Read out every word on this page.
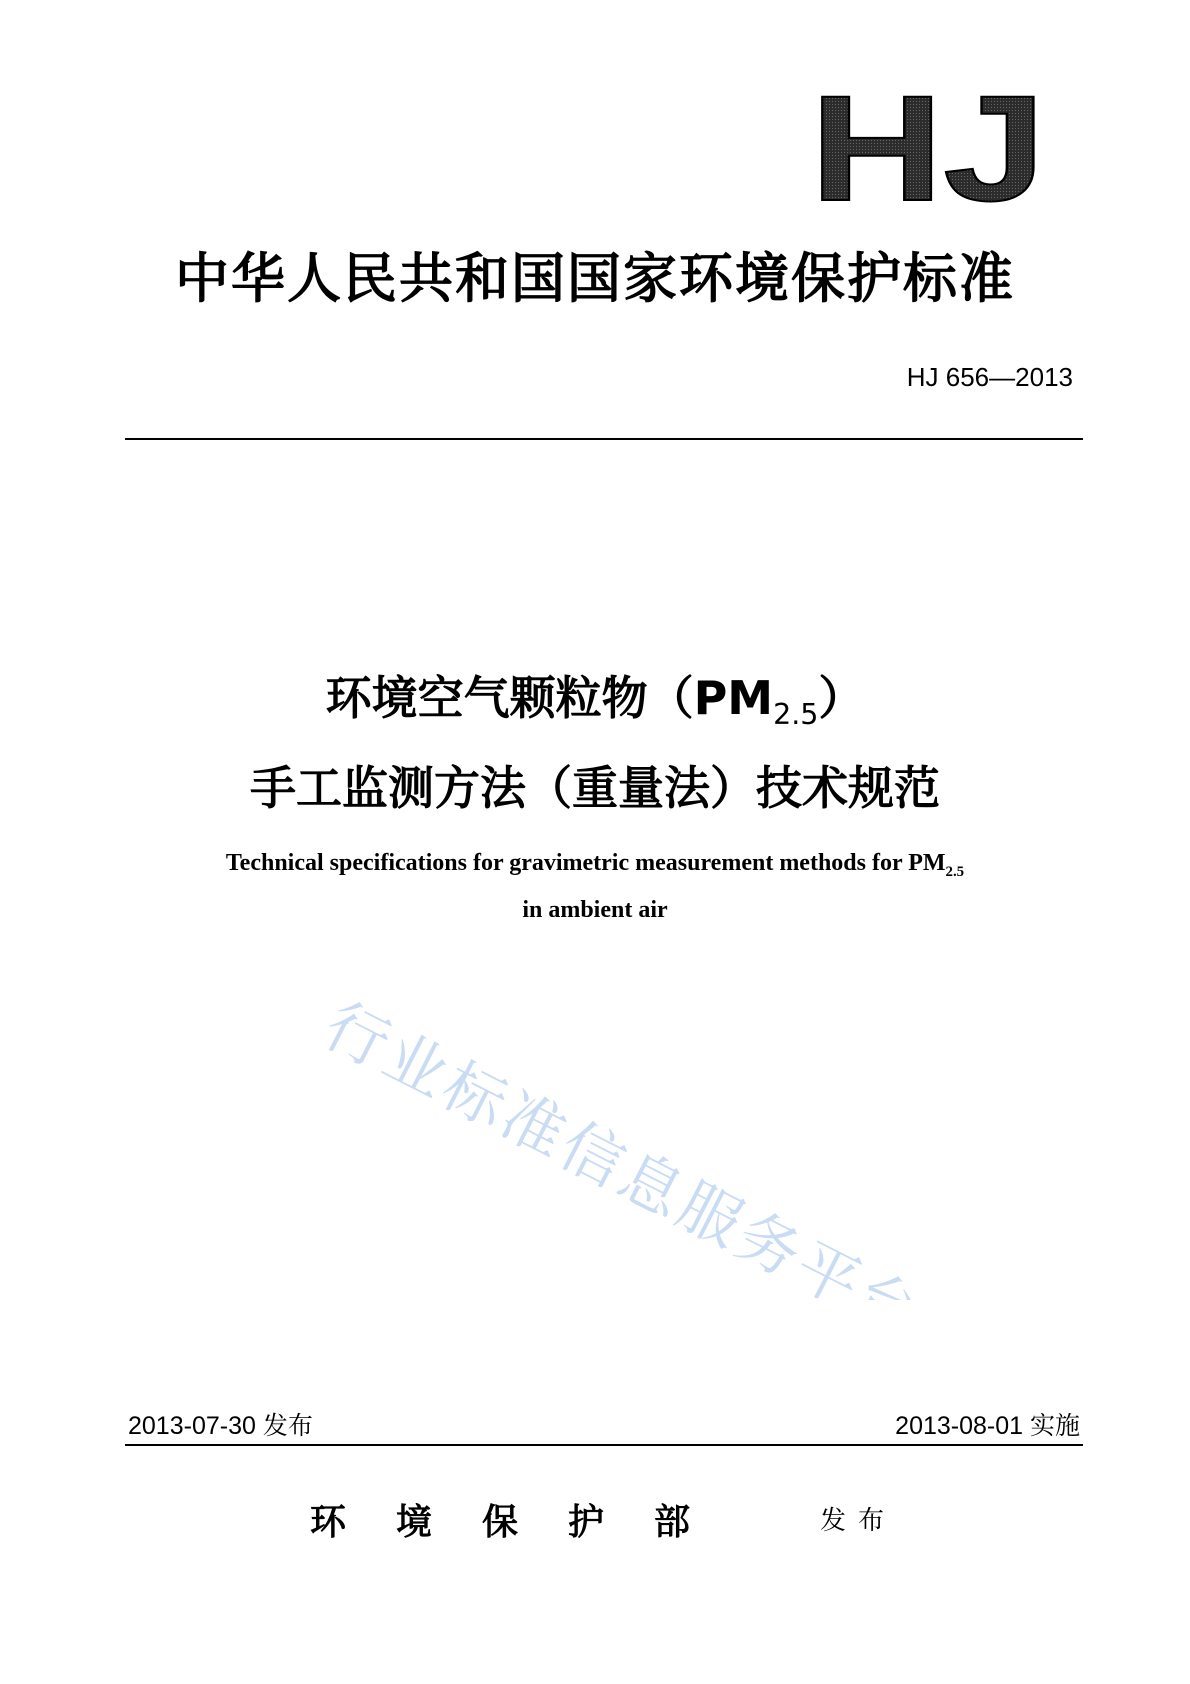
HJ
中华人民共和国国家环境保护标准
HJ 656—2013
环境空气颗粒物$(PM_{2.5})$
手工监测方法（重量法）技术规范
Technical specifications for gravimetric measurement methods for $PM_{2.5}$
in ambient air
行业标准信息服务平台
2013-07-30 发布	2013-08-01 实施
环境保护部	发布
